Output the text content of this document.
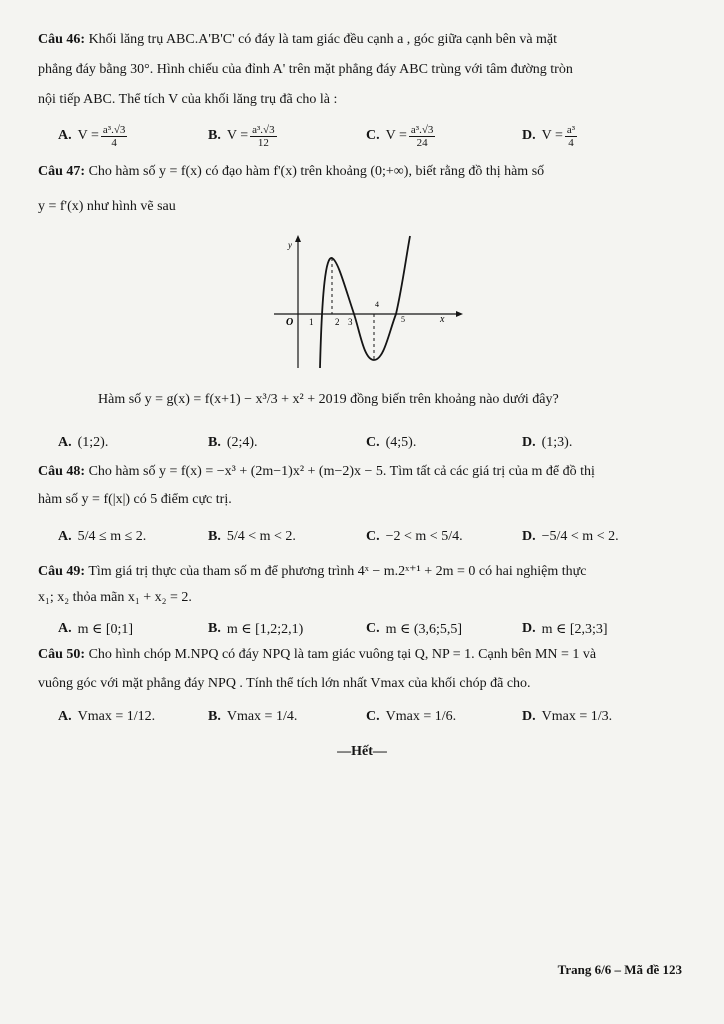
Câu 46: Khối lăng trụ ABC.A'B'C' có đáy là tam giác đều cạnh a , góc giữa cạnh bên và mặt
phẳng đáy bằng 30°. Hình chiếu của đỉnh A' trên mặt phẳng đáy ABC trùng với tâm đường tròn
nội tiếp ABC. Thể tích V của khối lăng trụ đã cho là :
A. $V = \frac{\text{a³.√3}}{4}$	B. $V = \frac{\text{a³.√3}}{12}$	C. $V = \frac{\text{a³.√3}}{24}$	D. $V = \frac{\text{a³}}{4}$
Câu 47: Cho hàm số y = f(x) có đạo hàm f'(x) trên khoảng (0;+∞), biết rằng đồ thị hàm số
y = f'(x) như hình vẽ sau
y
x
O 1 2 3	5
4
Hàm số y = g(x) = f(x+1) − x³/3 + x² + 2019 đồng biến trên khoảng nào dưới đây?
A. (1;2).	B. (2;4).	C. (4;5).	D. (1;3).
Câu 48: Cho hàm số y = f(x) = −x³ + (2m−1)x² + (m−2)x − 5. Tìm tất cả các giá trị của m để đồ thị
hàm số y = f(|x|) có 5 điểm cực trị.
A. 5/4 ≤ m ≤ 2.	B. 5/4 < m < 2.	C. −2 < m < 5/4.	D. −5/4 < m < 2.
Câu 49: Tìm giá trị thực của tham số m để phương trình 4ˣ − m.2ˣ⁺¹ + 2m = 0 có hai nghiệm thực
x₁; x₂ thỏa mãn x₁ + x₂ = 2.
A. m ∈ [0;1]	B. m ∈ [1,2;2,1)	C. m ∈ (3,6;5,5]	D. m ∈ [2,3;3]
Câu 50: Cho hình chóp M.NPQ có đáy NPQ là tam giác vuông tại Q, NP = 1. Cạnh bên MN = 1 và
vuông góc với mặt phẳng đáy NPQ . Tính thể tích lớn nhất Vmax của khối chóp đã cho.
A. Vmax = 1/12.	B. Vmax = 1/4.	C. Vmax = 1/6.	D. Vmax = 1/3.
—Hết—
Trang 6/6 – Mã đề 123
